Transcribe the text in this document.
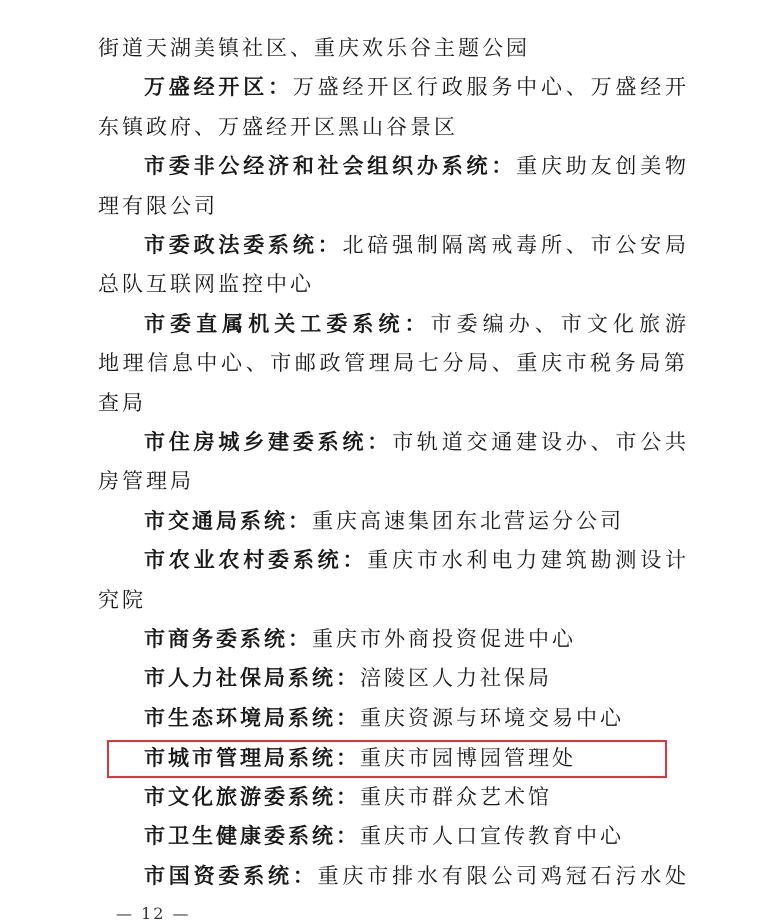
街道天湖美镇社区、重庆欢乐谷主题公园
万盛经开区：万盛经开区行政服务中心、万盛经开
东镇政府、万盛经开区黑山谷景区
市委非公经济和社会组织办系统：重庆助友创美物
理有限公司
市委政法委系统：北碚强制隔离戒毒所、市公安局
总队互联网监控中心
市委直属机关工委系统：市委编办、市文化旅游
地理信息中心、市邮政管理局七分局、重庆市税务局第
查局
市住房城乡建委系统：市轨道交通建设办、市公共
房管理局
市交通局系统：重庆高速集团东北营运分公司
市农业农村委系统：重庆市水利电力建筑勘测设计
究院
市商务委系统：重庆市外商投资促进中心
市人力社保局系统：涪陵区人力社保局
市生态环境局系统：重庆资源与环境交易中心
市城市管理局系统：重庆市园博园管理处
市文化旅游委系统：重庆市群众艺术馆
市卫生健康委系统：重庆市人口宣传教育中心
市国资委系统：重庆市排水有限公司鸡冠石污水处
— 12 —
